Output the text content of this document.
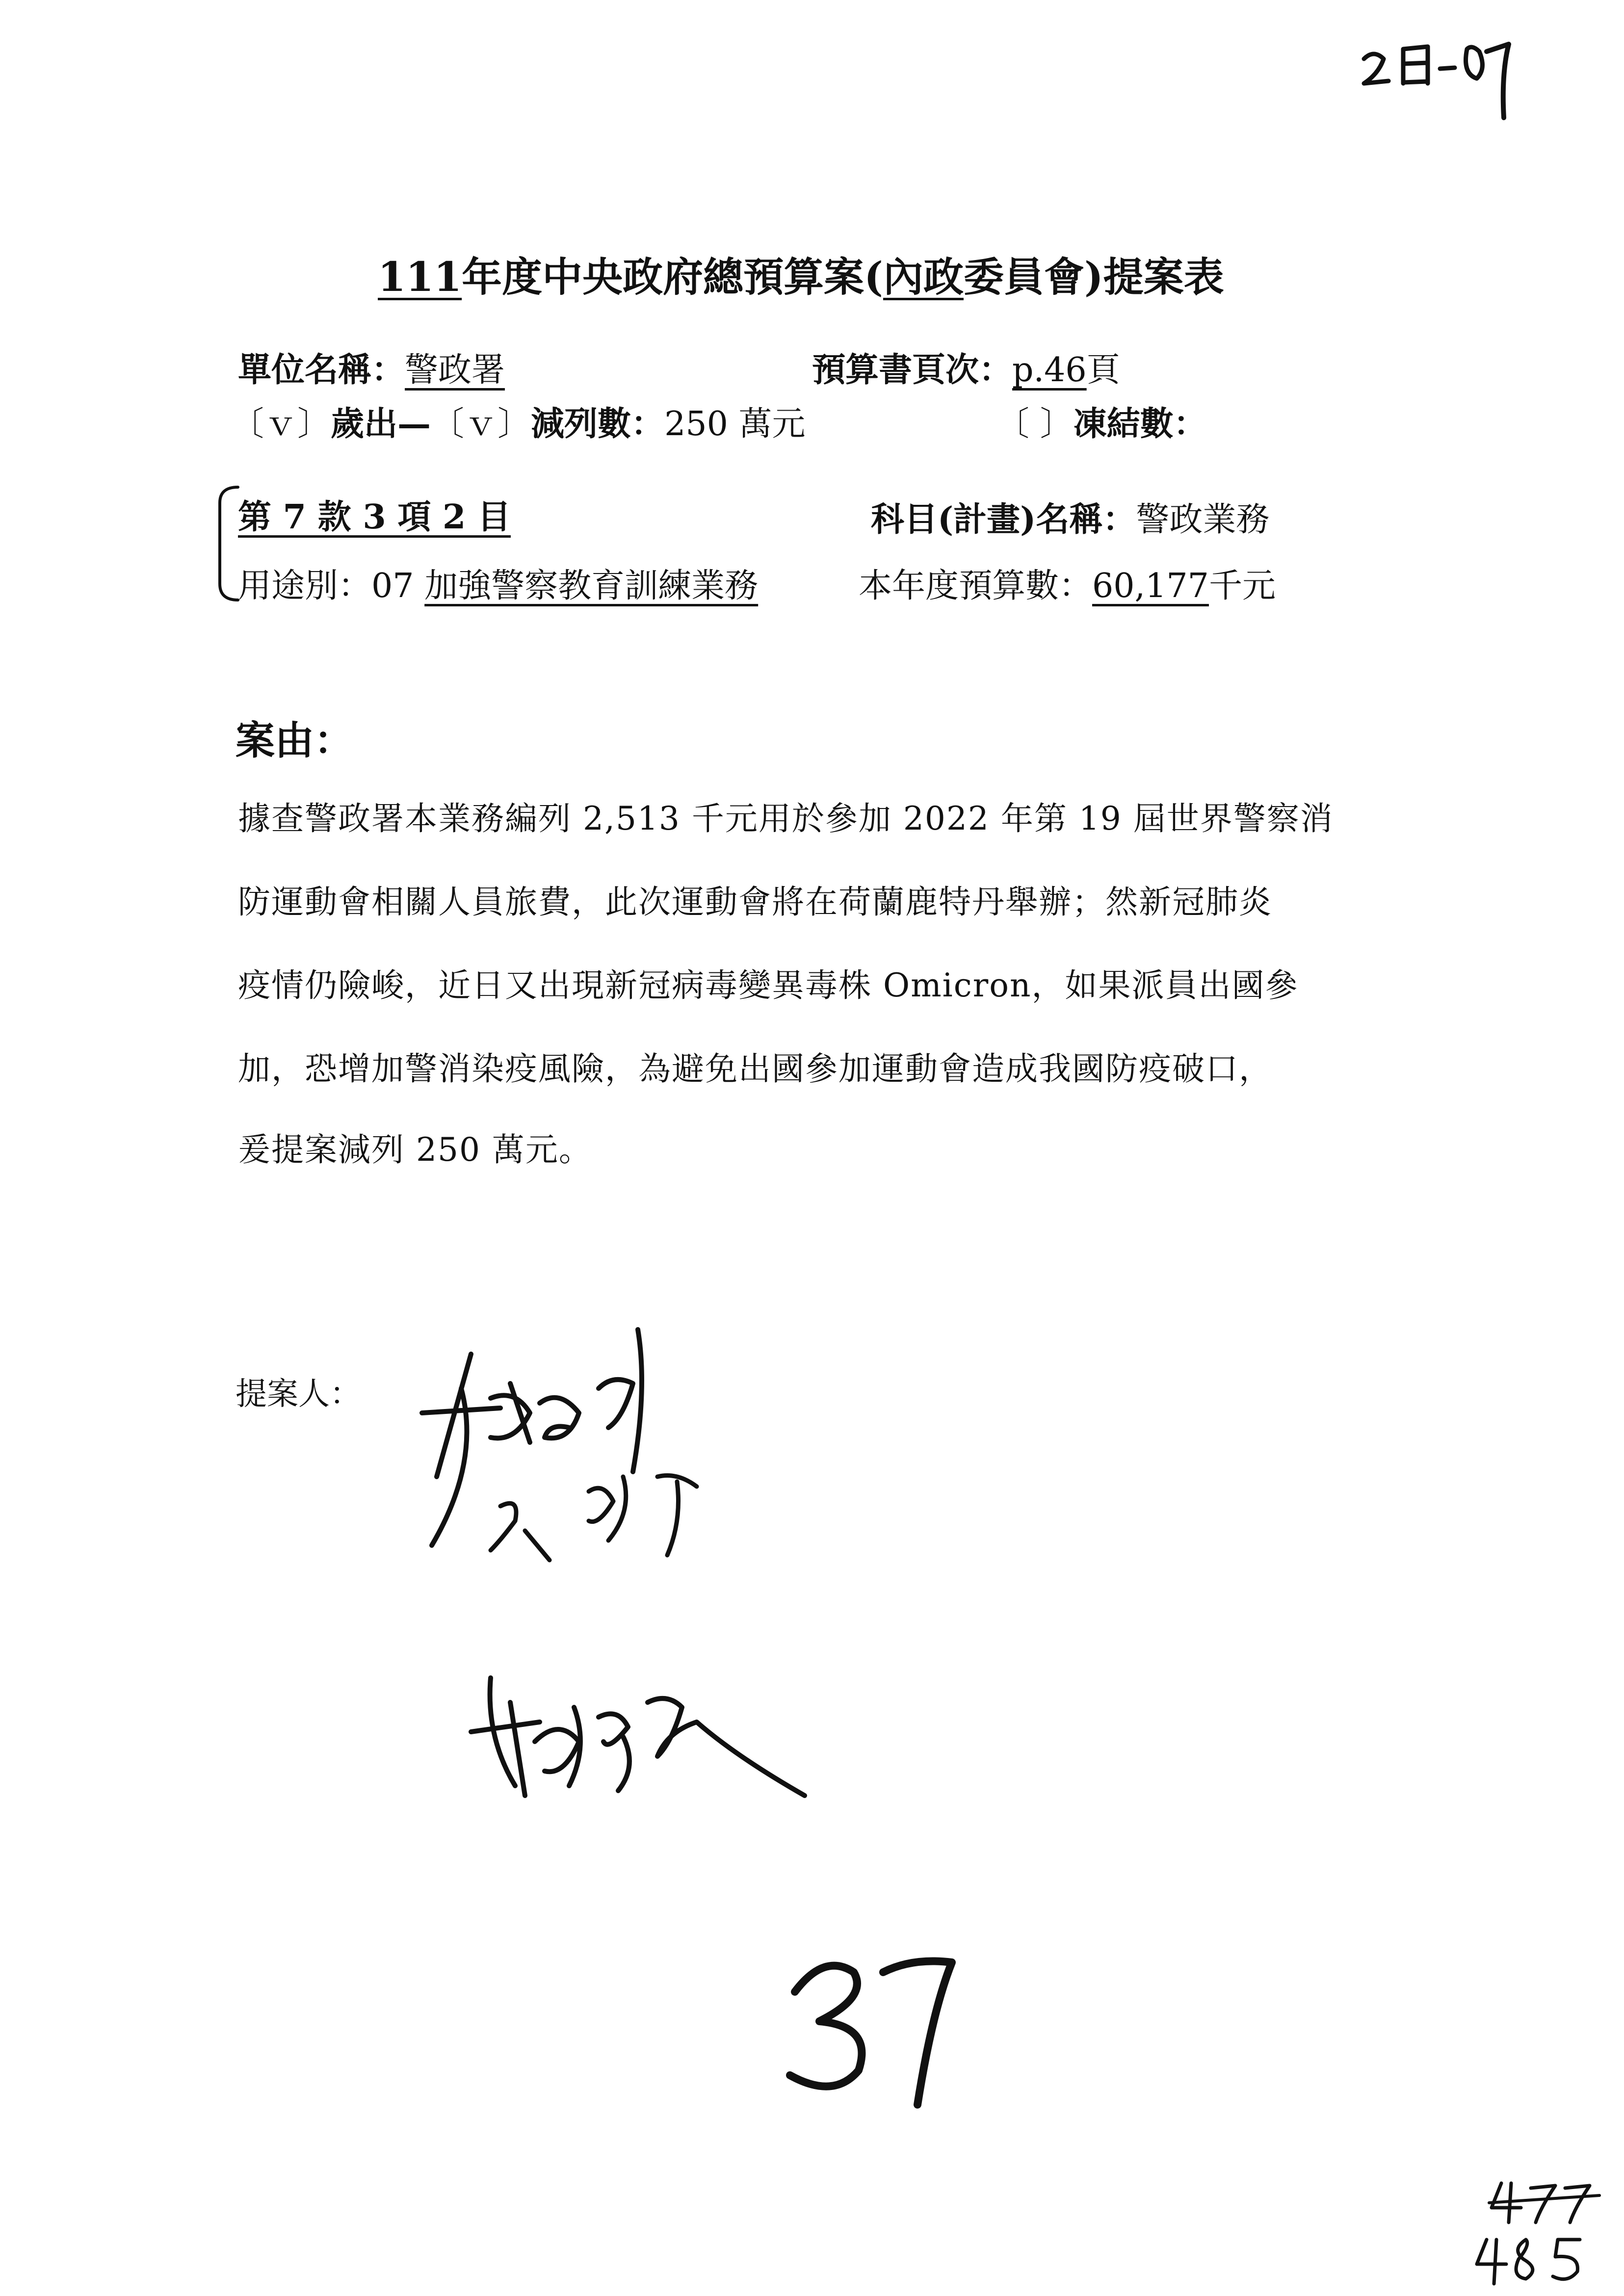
111年度中央政府總預算案(內政委員會)提案表
單位名稱：警政署	預算書頁次：p.46頁
〔ｖ〕歲出—〔ｖ〕減列數：250 萬元	〔 〕凍結數：
第 7 款 3 項 2 目	科目(計畫)名稱：警政業務
用途別：07 加強警察教育訓練業務	本年度預算數：60,177千元
案由：
據查警政署本業務編列 2,513 千元用於參加 2022 年第 19 屆世界警察消
防運動會相關人員旅費，此次運動會將在荷蘭鹿特丹舉辦；然新冠肺炎
疫情仍險峻，近日又出現新冠病毒變異毒株 Omicron，如果派員出國參
加，恐增加警消染疫風險，為避免出國參加運動會造成我國防疫破口，
爰提案減列 250 萬元。
提案人：
